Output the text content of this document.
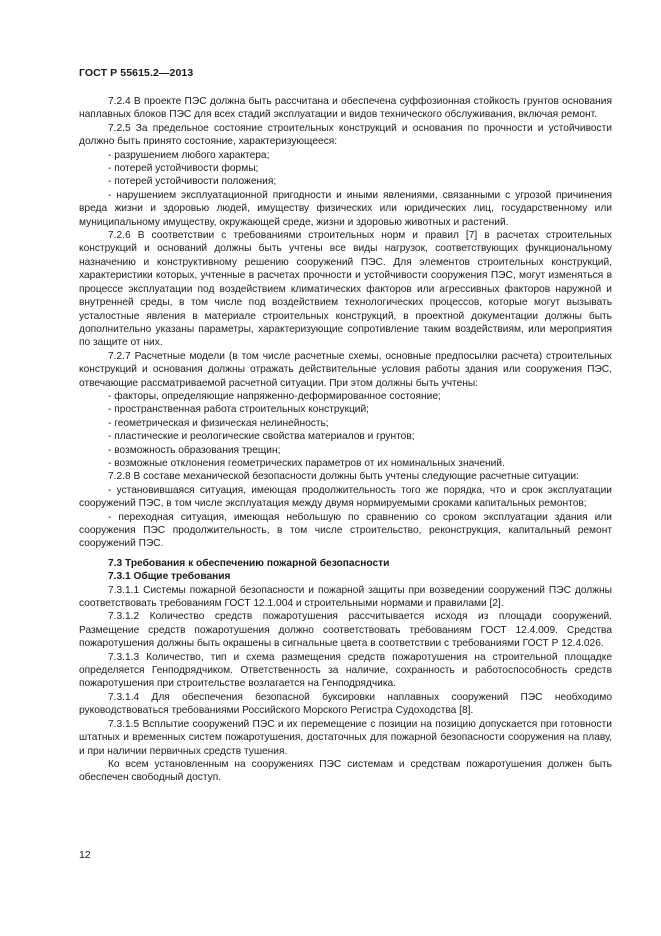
ГОСТ Р 55615.2—2013

7.2.4 В проекте ПЭС должна быть рассчитана и обеспечена суффозионная стойкость грунтов основания наплавных блоков ПЭС для всех стадий эксплуатации и видов технического обслуживания, включая ремонт.

7.2.5 За предельное состояние строительных конструкций и основания по прочности и устойчивости должно быть принято состояние, характеризующееся:

- разрушением любого характера;

- потерей устойчивости формы;

- потерей устойчивости положения;

- нарушением эксплуатационной пригодности и иными явлениями, связанными с угрозой причинения вреда жизни и здоровью людей, имуществу физических или юридических лиц, государственному или муниципальному имуществу, окружающей среде, жизни и здоровью животных и растений.

7.2.6 В соответствии с требованиями строительных норм и правил [7] в расчетах строительных конструкций и оснований должны быть учтены все виды нагрузок, соответствующих функциональному назначению и конструктивному решению сооружений ПЭС. Для элементов строительных конструкций, характеристики которых, учтенные в расчетах прочности и устойчивости сооружения ПЭС, могут изменяться в процессе эксплуатации под воздействием климатических факторов или агрессивных факторов наружной и внутренней среды, в том числе под воздействием технологических процессов, которые могут вызывать усталостные явления в материале строительных конструкций, в проектной документации должны быть дополнительно указаны параметры, характеризующие сопротивление таким воздействиям, или мероприятия по защите от них.

7.2.7 Расчетные модели (в том числе расчетные схемы, основные предпосылки расчета) строительных конструкций и основания должны отражать действительные условия работы здания или сооружения ПЭС, отвечающие рассматриваемой расчетной ситуации. При этом должны быть учтены:

- факторы, определяющие напряженно-деформированное состояние;

- пространственная работа строительных конструкций;

- геометрическая и физическая нелинейность;

- пластические и реологические свойства материалов и грунтов;

- возможность образования трещин;

- возможные отклонения геометрических параметров от их номинальных значений.

7.2.8 В составе механической безопасности должны быть учтены следующие расчетные ситуации:

- установившаяся ситуация, имеющая продолжительность того же порядка, что и срок эксплуатации сооружений ПЭС, в том числе эксплуатация между двумя нормируемыми сроками капитальных ремонтов;

- переходная ситуация, имеющая небольшую по сравнению со сроком эксплуатации здания или сооружения ПЭС продолжительность, в том числе строительство, реконструкция, капитальный ремонт сооружений ПЭС.

7.3 Требования к обеспечению пожарной безопасности

7.3.1 Общие требования

7.3.1.1 Системы пожарной безопасности и пожарной защиты при возведении сооружений ПЭС должны соответствовать требованиям ГОСТ 12.1.004 и строительными нормами и правилами [2].

7.3.1.2 Количество средств пожаротушения рассчитывается исходя из площади сооружений. Размещение средств пожаротушения должно соответствовать требованиям ГОСТ 12.4.009. Средства пожаротушения должны быть окрашены в сигнальные цвета в соответствии с требованиями ГОСТ Р 12.4.026.

7.3.1.3 Количество, тип и схема размещения средств пожаротушения на строительной площадке определяется Генподрядчиком. Ответственность за наличие, сохранность и работоспособность средств пожаротушения при строительстве возлагается на Генподрядчика.

7.3.1.4 Для обеспечения безопасной буксировки наплавных сооружений ПЭС необходимо руководствоваться требованиями Российского Морского Регистра Судоходства [8].

7.3.1.5 Всплытие сооружений ПЭС и их перемещение с позиции на позицию допускается при готовности штатных и временных систем пожаротушения, достаточных для пожарной безопасности сооружения на плаву, и при наличии первичных средств тушения.

Ко всем установленным на сооружениях ПЭС системам и средствам пожаротушения должен быть обеспечен свободный доступ.

12
